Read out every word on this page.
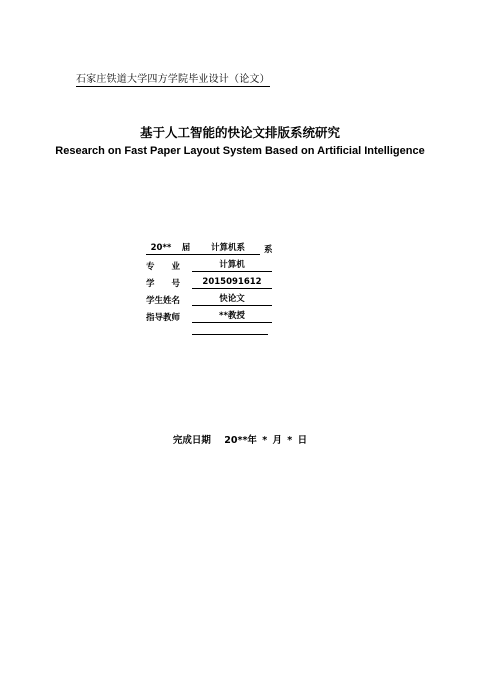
石家庄铁道大学四方学院毕业设计（论文）
基于人工智能的快论文排版系统研究
Research on Fast Paper Layout System Based on Artificial Intelligence
20**	届	计算机系	系
专　　业	计算机
学　　号	2015091612
学生姓名	快论文
指导教师	**教授
完成日期 20**年 * 月 * 日
